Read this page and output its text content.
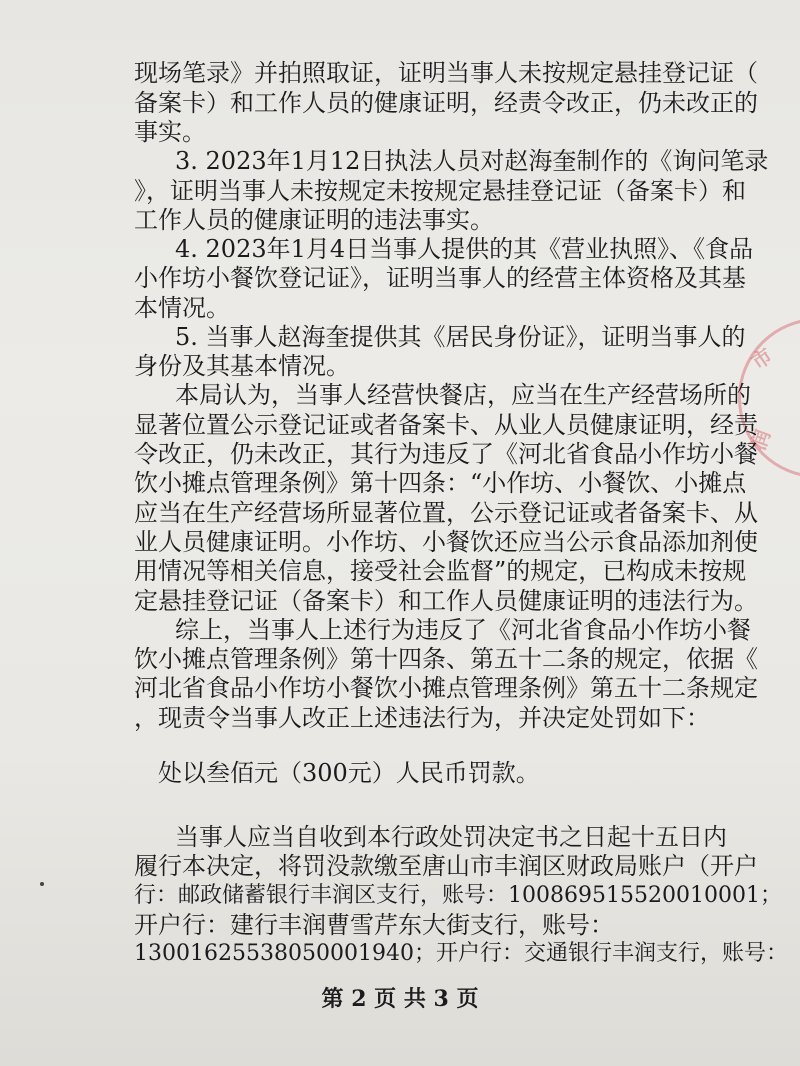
市
润

现场笔录》并拍照取证，证明当事人未按规定悬挂登记证（

备案卡）和工作人员的健康证明，经责令改正，仍未改正的

事实。

3. 2023年1月12日执法人员对赵海奎制作的《询问笔录

》，证明当事人未按规定未按规定悬挂登记证（备案卡）和

工作人员的健康证明的违法事实。

4. 2023年1月4日当事人提供的其《营业执照》、《食品

小作坊小餐饮登记证》，证明当事人的经营主体资格及其基

本情况。

5. 当事人赵海奎提供其《居民身份证》，证明当事人的

身份及其基本情况。

本局认为，当事人经营快餐店，应当在生产经营场所的

显著位置公示登记证或者备案卡、从业人员健康证明，经责

令改正，仍未改正，其行为违反了《河北省食品小作坊小餐

饮小摊点管理条例》第十四条：“小作坊、小餐饮、小摊点

应当在生产经营场所显著位置，公示登记证或者备案卡、从

业人员健康证明。小作坊、小餐饮还应当公示食品添加剂使

用情况等相关信息，接受社会监督”的规定，已构成未按规

定悬挂登记证（备案卡）和工作人员健康证明的违法行为。

综上，当事人上述行为违反了《河北省食品小作坊小餐

饮小摊点管理条例》第十四条、第五十二条的规定，依据《

河北省食品小作坊小餐饮小摊点管理条例》第五十二条规定

，现责令当事人改正上述违法行为，并决定处罚如下：

处以叁佰元（300元）人民币罚款。

当事人应当自收到本行政处罚决定书之日起十五日内

履行本决定，将罚没款缴至唐山市丰润区财政局账户（开户

行：邮政储蓄银行丰润区支行，账号：100869515520010001；

开户行：建行丰润曹雪芹东大街支行，账号：

13001625538050001940；开户行：交通银行丰润支行，账号：

第 2 页 共 3 页
